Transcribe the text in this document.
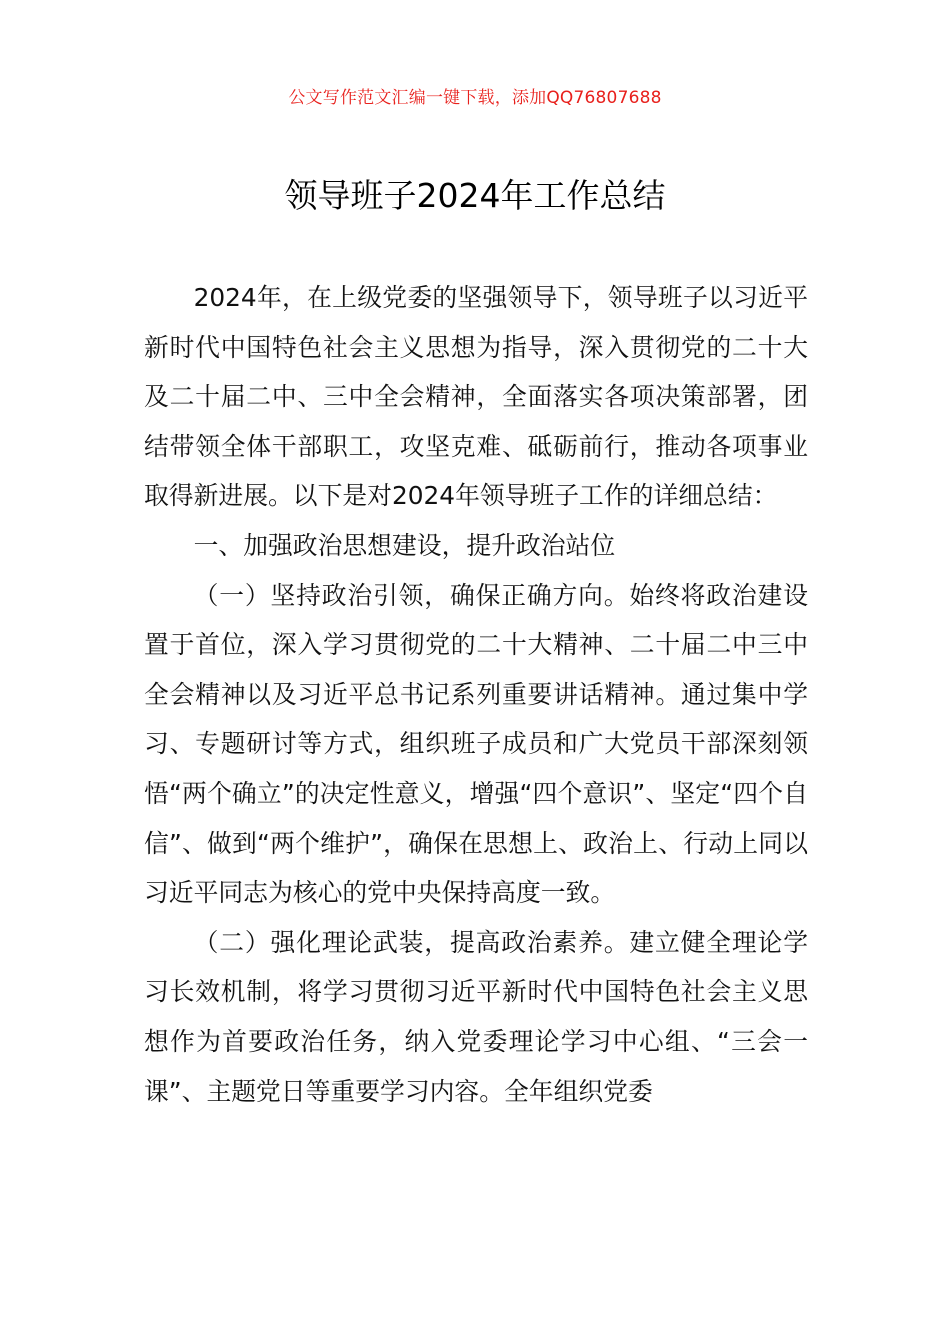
公文写作范文汇编一键下载，添加QQ76807688
领导班子2024年工作总结

2024年，在上级党委的坚强领导下，领导班子以习近平新时代中国特色社会主义思想为指导，深入贯彻党的二十大及二十届二中、三中全会精神，全面落实各项决策部署，团结带领全体干部职工，攻坚克难、砥砺前行，推动各项事业取得新进展。以下是对2024年领导班子工作的详细总结：

一、加强政治思想建设，提升政治站位

（一）坚持政治引领，确保正确方向。始终将政治建设置于首位，深入学习贯彻党的二十大精神、二十届二中三中全会精神以及习近平总书记系列重要讲话精神。通过集中学习、专题研讨等方式，组织班子成员和广大党员干部深刻领悟“两个确立”的决定性意义，增强“四个意识”、坚定“四个自信”、做到“两个维护”，确保在思想上、政治上、行动上同以习近平同志为核心的党中央保持高度一致。

（二）强化理论武装，提高政治素养。建立健全理论学习长效机制，将学习贯彻习近平新时代中国特色社会主义思想作为首要政治任务，纳入党委理论学习中心组、“三会一课”、主题党日等重要学习内容。全年组织党委
